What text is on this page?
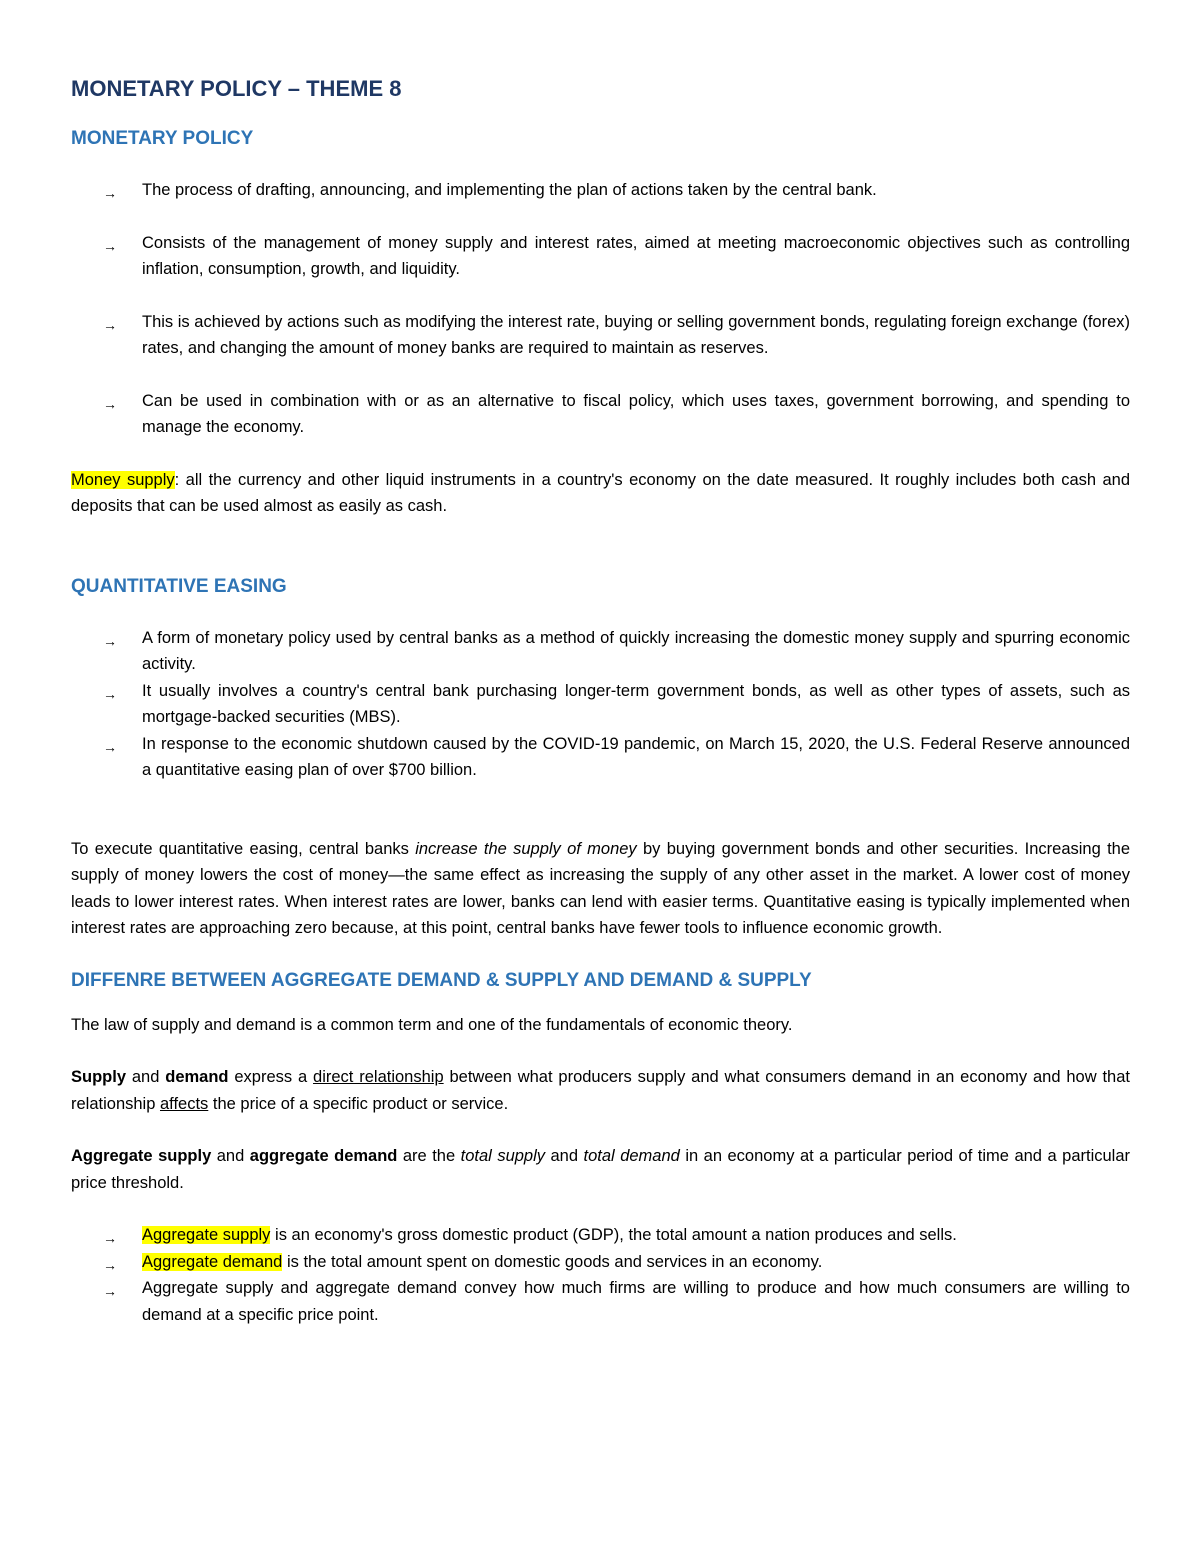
MONETARY POLICY – THEME 8
MONETARY POLICY
→ The process of drafting, announcing, and implementing the plan of actions taken by the central bank.
→ Consists of the management of money supply and interest rates, aimed at meeting macroeconomic objectives such as controlling inflation, consumption, growth, and liquidity.
→ This is achieved by actions such as modifying the interest rate, buying or selling government bonds, regulating foreign exchange (forex) rates, and changing the amount of money banks are required to maintain as reserves.
→ Can be used in combination with or as an alternative to fiscal policy, which uses taxes, government borrowing, and spending to manage the economy.

Money supply: all the currency and other liquid instruments in a country's economy on the date measured. It roughly includes both cash and deposits that can be used almost as easily as cash.

QUANTITATIVE EASING
→ A form of monetary policy used by central banks as a method of quickly increasing the domestic money supply and spurring economic activity.
→ It usually involves a country's central bank purchasing longer-term government bonds, as well as other types of assets, such as mortgage-backed securities (MBS).
→ In response to the economic shutdown caused by the COVID-19 pandemic, on March 15, 2020, the U.S. Federal Reserve announced a quantitative easing plan of over $700 billion.

To execute quantitative easing, central banks increase the supply of money by buying government bonds and other securities. Increasing the supply of money lowers the cost of money—the same effect as increasing the supply of any other asset in the market. A lower cost of money leads to lower interest rates. When interest rates are lower, banks can lend with easier terms. Quantitative easing is typically implemented when interest rates are approaching zero because, at this point, central banks have fewer tools to influence economic growth.

DIFFENRE BETWEEN AGGREGATE DEMAND & SUPPLY AND DEMAND & SUPPLY

The law of supply and demand is a common term and one of the fundamentals of economic theory.

Supply and demand express a direct relationship between what producers supply and what consumers demand in an economy and how that relationship affects the price of a specific product or service.

Aggregate supply and aggregate demand are the total supply and total demand in an economy at a particular period of time and a particular price threshold.

→ Aggregate supply is an economy's gross domestic product (GDP), the total amount a nation produces and sells.
→ Aggregate demand is the total amount spent on domestic goods and services in an economy.
→ Aggregate supply and aggregate demand convey how much firms are willing to produce and how much consumers are willing to demand at a specific price point.
